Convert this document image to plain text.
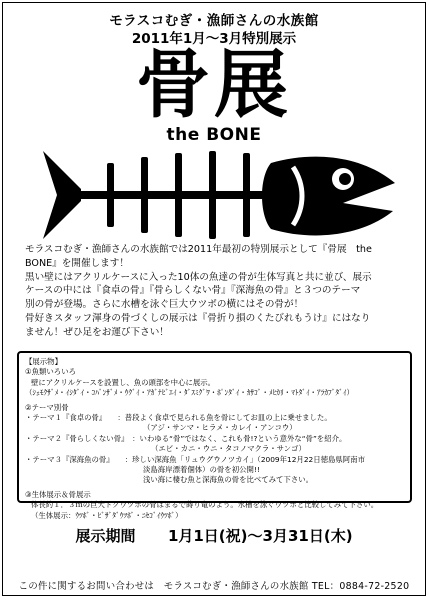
モラスコむぎ・漁師さんの水族館
2011年1月～3月特別展示
骨展
the BONE

モラスコむぎ・漁師さんの水族館では2011年最初の特別展示として『骨展　the

BONE』を開催します！

黒い壁にはアクリルケースに入った10体の魚達の骨が生体写真と共に並び、展示

ケースの中には『食卓の骨』『骨らしくない骨』『深海魚の骨』と３つのテーマ

別の骨が登場。さらに水槽を泳ぐ巨大ウツボの横にはその骨が！

骨好きスタッフ渾身の骨づくしの展示は『骨折り損のくたびれもうけ』にはなり

ません！ぜひ足をお運び下さい！

【展示物】
①魚類いろいろ
壁にアクリルケースを設置し、魚の頭部を中心に展示。
（ｼｪﾓｸｻﾞﾒ・ｲｼﾀﾞｲ・ｺﾊﾞﾝｻﾞﾒ・ｳｸﾞｲ・ｱｶﾞﾅﾋﾞｴｲ・ﾀﾞｽﾐｸﾞﾜ・ﾎﾟﾝﾀﾞｲ・ｶｻｺﾞ・ﾒﾋｶﾘ・ﾏﾄﾀﾞｲ・ｱﾗｶﾌﾞﾀﾞｲ）
②テーマ別骨
・テーマ１『食卓の骨』　　：普段よく食卓で見られる魚を骨にしてお皿の上に乗せました。
（アジ・サンマ・ヒラメ・カレイ・アンコウ）
・テーマ２『骨らしくない骨』　：いわゆる“骨”ではなく、これも骨!?という意外な“骨”を紹介。
（エビ・カニ・ウニ・タコノマクラ・サンゴ）
・テーマ３『深海魚の骨』　　：珍しい深海魚「リュウグウノツカイ」（2009年12月22日徳島県阿南市
淡島海岸漂着個体）の骨を初公開!!
浅い海に棲む魚と深海魚の骨を比べてみて下さい。
③生体展示＆骨展示
体長約１．３ｍの巨大ドクウツボの骨はまるで蒔り竜のよう。水槽を泳ぐウツボと比較してみて下さい。
（生体展示：ｳﾂﾎﾞ・ﾋﾞｻﾞﾀﾞｳﾂﾎﾞ・ﾆｾｺﾞｲｳﾂﾎﾞ）
展示期間 1月1日(祝)～3月31日(木)
この件に関するお問い合わせは　モラスコむぎ・漁師さんの水族館 TEL：0884-72-2520
